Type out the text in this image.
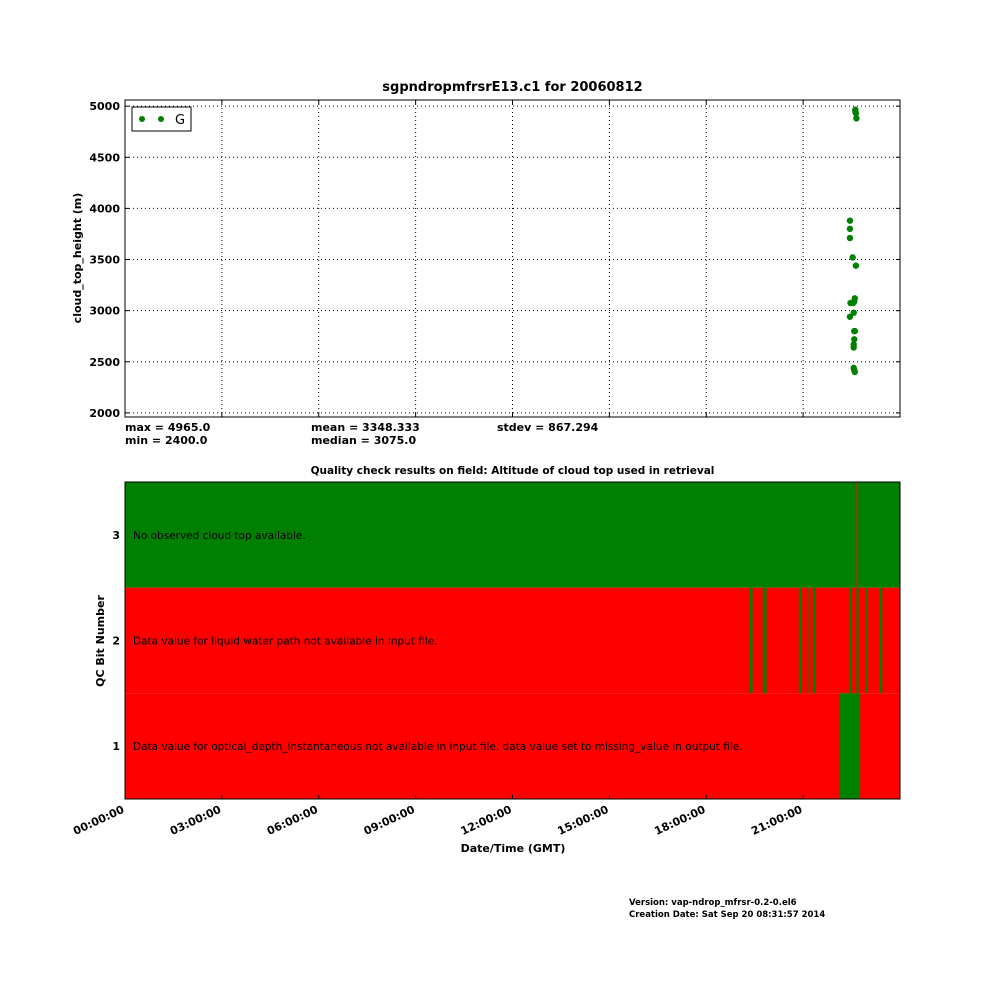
2000
2500
3000
3500
4000
4500
5000
G
cloud_top_height (m)
3
2
1
No observed cloud top available.
Data value for liquid water path not available in input file.
Data value for optical_depth_instantaneous not available in input file, data value set to missing_value in output file.
00:00:00	03:00:00	06:00:00	09:00:00	12:00:00	15:00:00	18:00:00	21:00:00
QC Bit Number
Date/Time (GMT)
sgpndropmfrsrE13.c1 for 20060812
max = 4965.0
min = 2400.0
mean = 3348.333
median = 3075.0
stdev = 867.294
Quality check results on field: Altitude of cloud top used in retrieval
Version: vap-ndrop_mfrsr-0.2-0.el6
Creation Date: Sat Sep 20 08:31:57 2014
